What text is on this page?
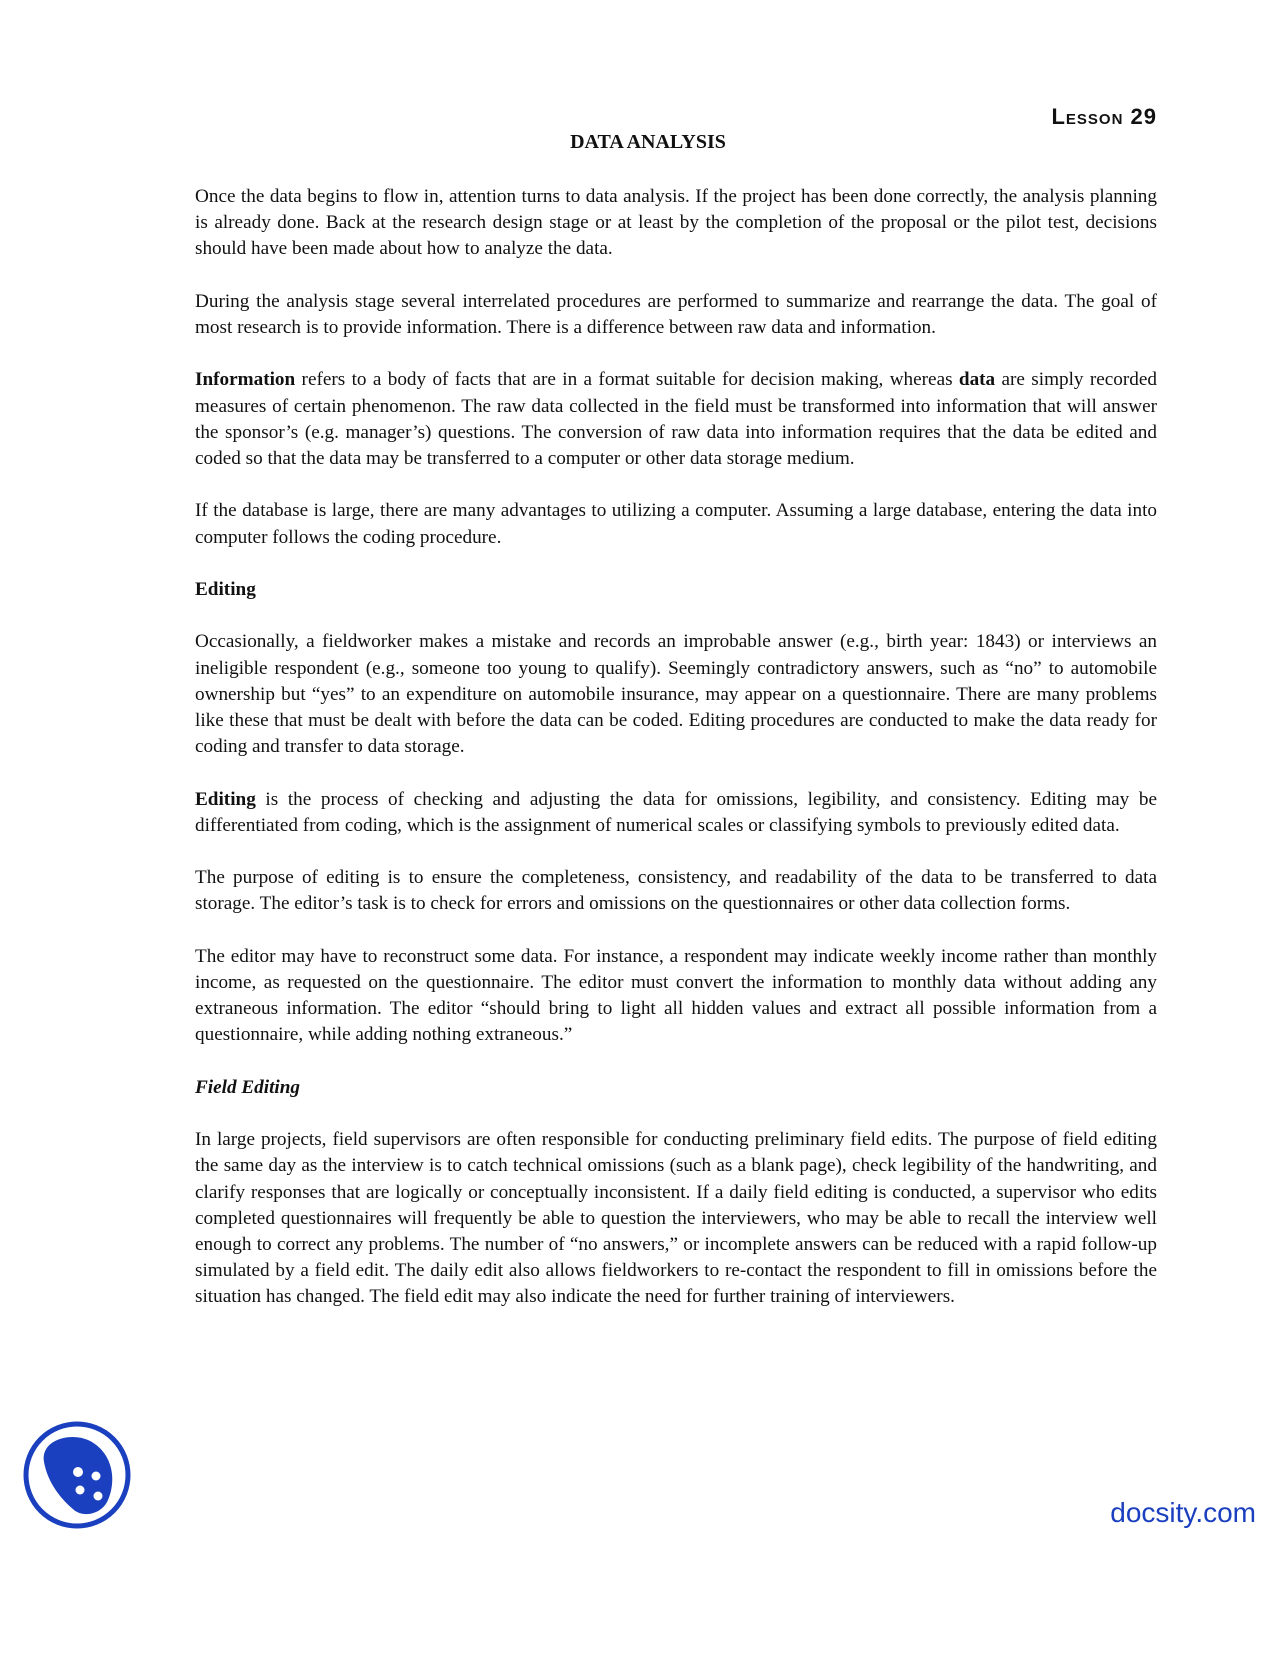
Lesson 29
DATA ANALYSIS

Once the data begins to flow in, attention turns to data analysis. If the project has been done correctly, the analysis planning is already done. Back at the research design stage or at least by the completion of the proposal or the pilot test, decisions should have been made about how to analyze the data.

During the analysis stage several interrelated procedures are performed to summarize and rearrange the data. The goal of most research is to provide information. There is a difference between raw data and information.

Information refers to a body of facts that are in a format suitable for decision making, whereas data are simply recorded measures of certain phenomenon. The raw data collected in the field must be transformed into information that will answer the sponsor’s (e.g. manager’s) questions. The conversion of raw data into information requires that the data be edited and coded so that the data may be transferred to a computer or other data storage medium.

If the database is large, there are many advantages to utilizing a computer. Assuming a large database, entering the data into computer follows the coding procedure.

Editing

Occasionally, a fieldworker makes a mistake and records an improbable answer (e.g., birth year: 1843) or interviews an ineligible respondent (e.g., someone too young to qualify). Seemingly contradictory answers, such as “no” to automobile ownership but “yes” to an expenditure on automobile insurance, may appear on a questionnaire. There are many problems like these that must be dealt with before the data can be coded. Editing procedures are conducted to make the data ready for coding and transfer to data storage.

Editing is the process of checking and adjusting the data for omissions, legibility, and consistency. Editing may be differentiated from coding, which is the assignment of numerical scales or classifying symbols to previously edited data.

The purpose of editing is to ensure the completeness, consistency, and readability of the data to be transferred to data storage. The editor’s task is to check for errors and omissions on the questionnaires or other data collection forms.

The editor may have to reconstruct some data. For instance, a respondent may indicate weekly income rather than monthly income, as requested on the questionnaire. The editor must convert the information to monthly data without adding any extraneous information. The editor “should bring to light all hidden values and extract all possible information from a questionnaire, while adding nothing extraneous.”

Field Editing

In large projects, field supervisors are often responsible for conducting preliminary field edits. The purpose of field editing the same day as the interview is to catch technical omissions (such as a blank page), check legibility of the handwriting, and clarify responses that are logically or conceptually inconsistent. If a daily field editing is conducted, a supervisor who edits completed questionnaires will frequently be able to question the interviewers, who may be able to recall the interview well enough to correct any problems. The number of “no answers,” or incomplete answers can be reduced with a rapid follow-up simulated by a field edit. The daily edit also allows fieldworkers to re-contact the respondent to fill in omissions before the situation has changed. The field edit may also indicate the need for further training of interviewers.

docsity.com
